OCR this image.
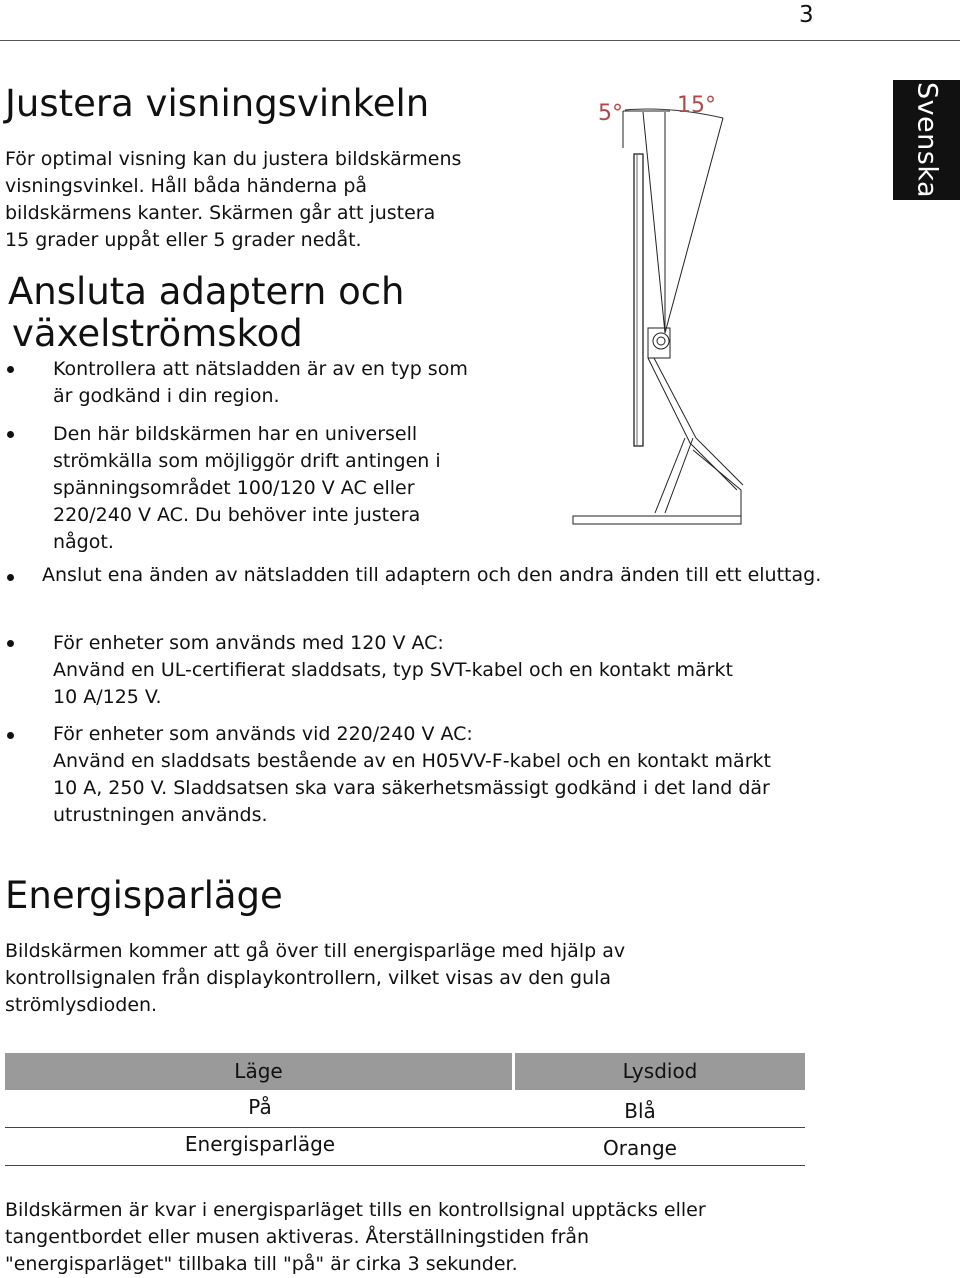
3
Svenska
Justera visningsvinkeln

För optimal visning kan du justera bildskärmens

visningsvinkel. Håll båda händerna på

bildskärmens kanter. Skärmen går att justera

15 grader uppåt eller 5 grader nedåt.

5° 15°
Ansluta adaptern och
växelströmskod

Kontrollera att nätsladden är av en typ som

är godkänd i din region.

Den här bildskärmen har en universell

strömkälla som möjliggör drift antingen i

spänningsområdet 100/120 V AC eller

220/240 V AC. Du behöver inte justera

något.

Anslut ena änden av nätsladden till adaptern och den andra änden till ett eluttag.

För enheter som används med 120 V AC:

Använd en UL-certifierat sladdsats, typ SVT-kabel och en kontakt märkt

10 A/125 V.

För enheter som används vid 220/240 V AC:

Använd en sladdsats bestående av en H05VV-F-kabel och en kontakt märkt

10 A, 250 V. Sladdsatsen ska vara säkerhetsmässigt godkänd i det land där

utrustningen används.

Energisparläge

Bildskärmen kommer att gå över till energisparläge med hjälp av

kontrollsignalen från displaykontrollern, vilket visas av den gula

strömlysdioden.

Läge	Lysdiod
På	Blå
Energisparläge	Orange

Bildskärmen är kvar i energisparläget tills en kontrollsignal upptäcks eller

tangentbordet eller musen aktiveras. Återställningstiden från

"energisparläget" tillbaka till "på" är cirka 3 sekunder.
